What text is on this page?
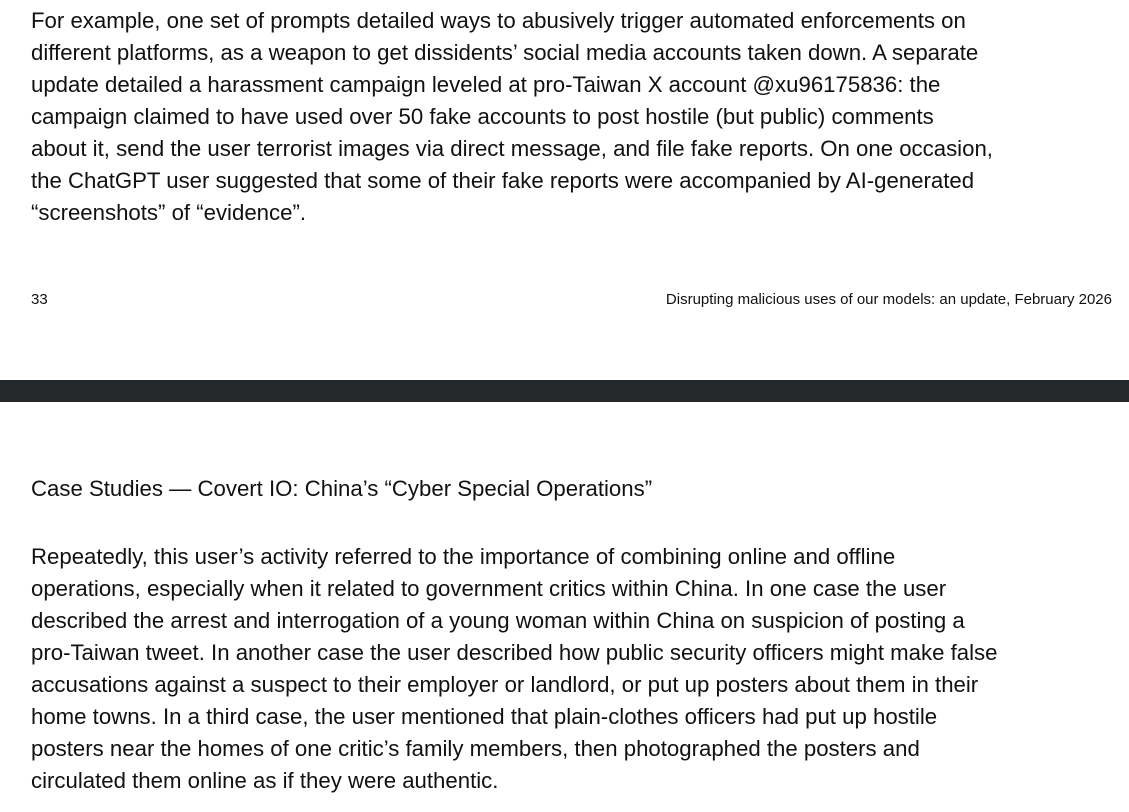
For example, one set of prompts detailed ways to abusively trigger automated enforcements on
different platforms, as a weapon to get dissidents’ social media accounts taken down. A separate
update detailed a harassment campaign leveled at pro-Taiwan X account @xu96175836: the
campaign claimed to have used over 50 fake accounts to post hostile (but public) comments
about it, send the user terrorist images via direct message, and file fake reports. On one occasion,
the ChatGPT user suggested that some of their fake reports were accompanied by AI-generated
“screenshots” of “evidence”.

33	Disrupting malicious uses of our models: an update, February 2026
Case Studies — Covert IO: China’s “Cyber Special Operations”

Repeatedly, this user’s activity referred to the importance of combining online and offline
operations, especially when it related to government critics within China. In one case the user
described the arrest and interrogation of a young woman within China on suspicion of posting a
pro-Taiwan tweet. In another case the user described how public security officers might make false
accusations against a suspect to their employer or landlord, or put up posters about them in their
home towns. In a third case, the user mentioned that plain-clothes officers had put up hostile
posters near the homes of one critic’s family members, then photographed the posters and
circulated them online as if they were authentic.
